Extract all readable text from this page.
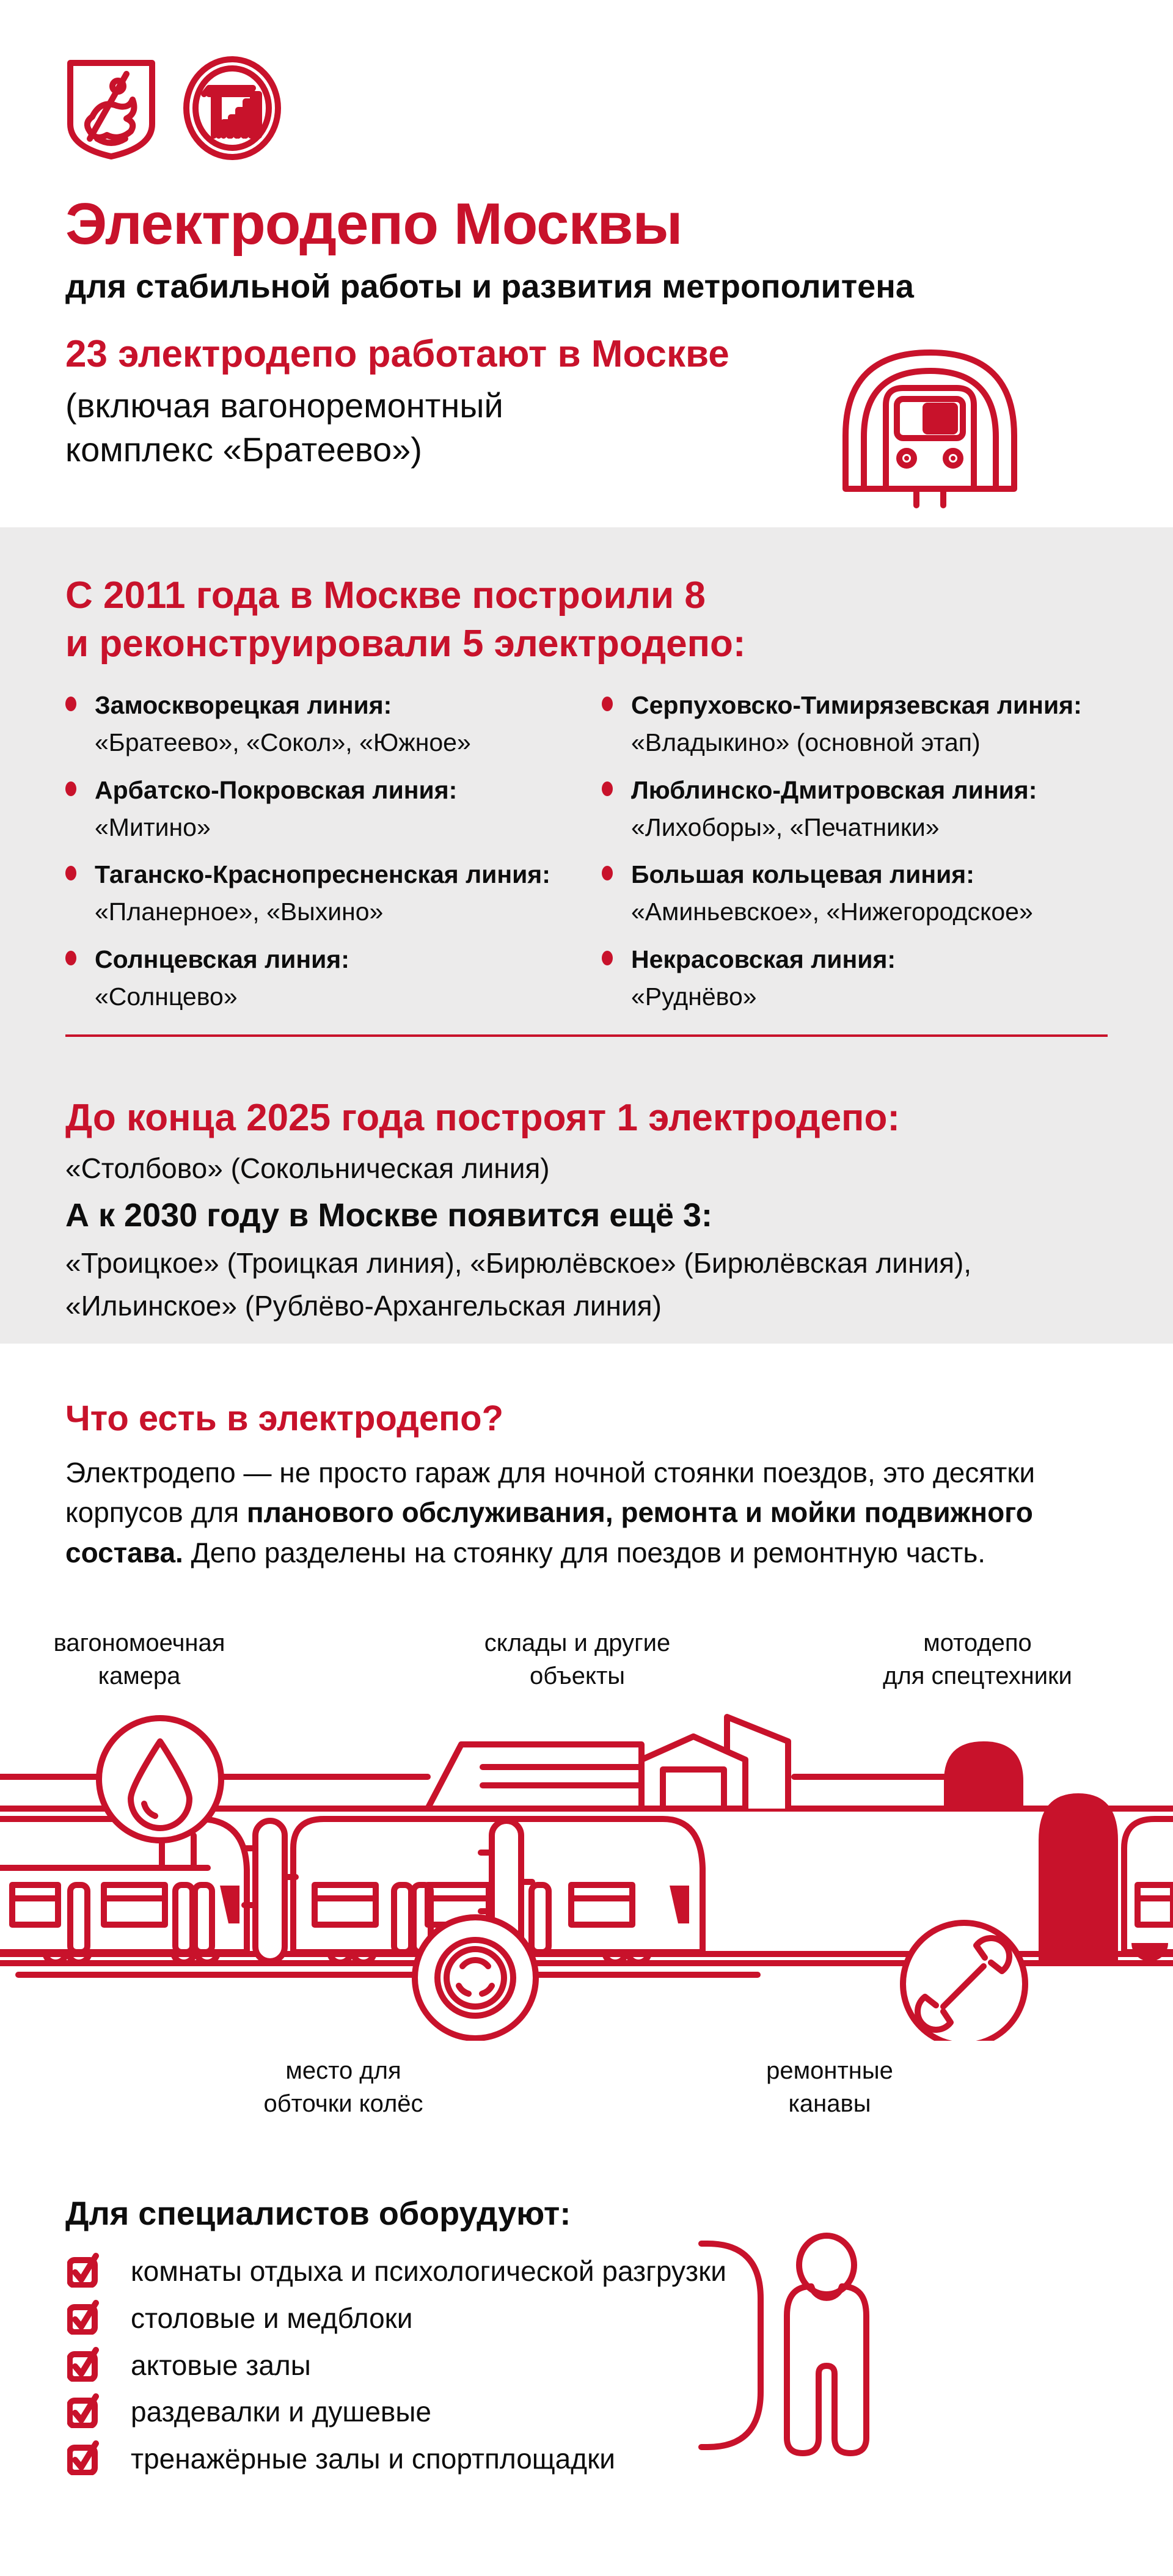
Электродепо Москвы
для стабильной работы и развития метрополитена
23 электродепо работают в Москве
(включая вагоноремонтный
комплекс «Братеево»)
С 2011 года в Москве построили 8
и реконструировали 5 электродепо:
Замоскворецкая линия:
«Братеево», «Сокол», «Южное»
Арбатско-Покровская линия:
«Митино»
Таганско-Краснопресненская линия:
«Планерное», «Выхино»
Солнцевская линия:
«Солнцево»
Серпуховско-Тимирязевская линия:
«Владыкино» (основной этап)
Люблинско-Дмитровская линия:
«Лихоборы», «Печатники»
Большая кольцевая линия:
«Аминьевское», «Нижегородское»
Некрасовская линия:
«Руднёво»
До конца 2025 года построят 1 электродепо:
«Столбово» (Сокольническая линия)
А к 2030 году в Москве появится ещё 3:
«Троицкое» (Троицкая линия), «Бирюлёвское» (Бирюлёвская линия),
«Ильинское» (Рублёво-Архангельская линия)
Что есть в электродепо?
Электродепо — не просто гараж для ночной стоянки поездов, это десятки корпусов для планового обслуживания, ремонта и мойки подвижного состава. Депо разделены на стоянку для поездов и ремонтную часть.
вагономоечная
камера
склады и другие
объекты
мотодепо
для спецтехники
место для
обточки колёс
ремонтные
канавы
Для специалистов оборудуют:
комнаты отдыха и психологической разгрузки
столовые и медблоки
актовые залы
раздевалки и душевые
тренажёрные залы и спортплощадки
